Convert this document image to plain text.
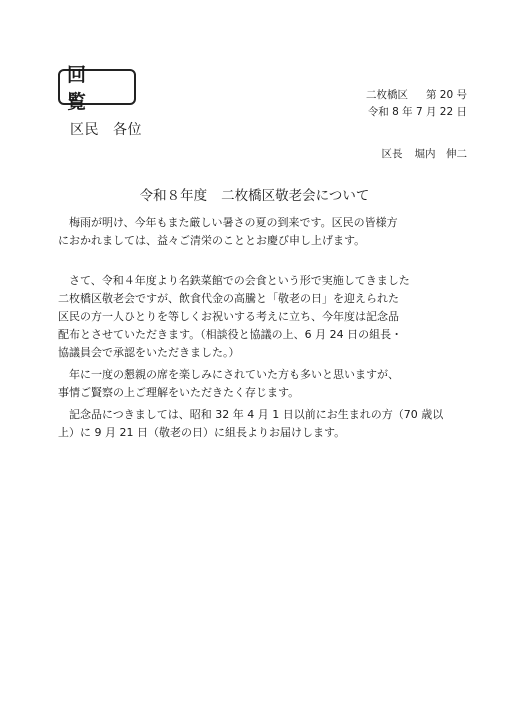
回　覧
区民 各位
二枚橋区 第 20 号
令和 8 年 7 月 22 日
区長 堀内　伸二
令和８年度 二枚橋区敬老会について

　梅雨が明け、今年もまた厳しい暑さの夏の到来です。区民の皆様方
におかれましては、益々ご清栄のこととお慶び申し上げます。

　さて、令和４年度より名鉄菜館での会食という形で実施してきました
二枚橋区敬老会ですが、飲食代金の高騰と「敬老の日」を迎えられた
区民の方一人ひとりを等しくお祝いする考えに立ち、今年度は記念品
配布とさせていただきます。（相談役と協議の上、6 月 24 日の組長・
協議員会で承認をいただきました。）

　年に一度の懇親の席を楽しみにされていた方も多いと思いますが、
事情ご賢察の上ご理解をいただきたく存じます。

　記念品につきましては、昭和 32 年 4 月 1 日以前にお生まれの方（70 歳以
上）に 9 月 21 日（敬老の日）に組長よりお届けします。
